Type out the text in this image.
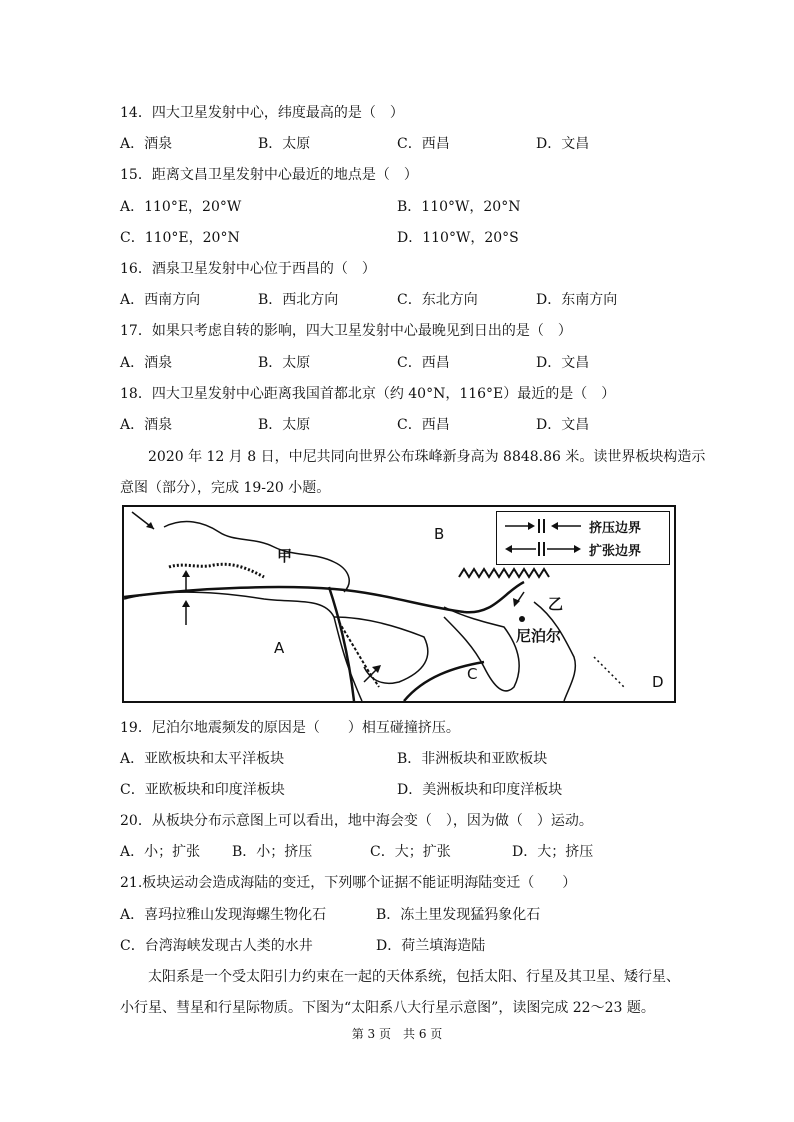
14．四大卫星发射中心，纬度最高的是（　）
A．酒泉	B．太原	C．西昌	D．文昌
15．距离文昌卫星发射中心最近的地点是（　）
A．110°E，20°W	B．110°W，20°N
C．110°E，20°N	D．110°W，20°S
16．酒泉卫星发射中心位于西昌的（　）
A．西南方向	B．西北方向	C．东北方向	D．东南方向
17．如果只考虑自转的影响，四大卫星发射中心最晚见到日出的是（　）
A．酒泉	B．太原	C．西昌	D．文昌
18．四大卫星发射中心距离我国首都北京（约 40°N，116°E）最近的是（　）
A．酒泉	B．太原	C．西昌	D．文昌
2020 年 12 月 8 日，中尼共同向世界公布珠峰新身高为 8848.86 米。读世界板块构造示
意图（部分），完成 19-20 小题。
B
A
C	D
甲
乙
尼泊尔
挤压边界
扩张边界
19．尼泊尔地震频发的原因是（　　）相互碰撞挤压。
A．亚欧板块和太平洋板块	B．非洲板块和亚欧板块
C．亚欧板块和印度洋板块	D．美洲板块和印度洋板块
20．从板块分布示意图上可以看出，地中海会变（　），因为做（　）运动。
A．小；扩张 B．小；挤压	C．大；扩张	D．大；挤压
21.板块运动会造成海陆的变迁，下列哪个证据不能证明海陆变迁（　　）
A．喜玛拉雅山发现海螺生物化石	B．冻土里发现猛犸象化石
C．台湾海峡发现古人类的水井	D．荷兰填海造陆
太阳系是一个受太阳引力约束在一起的天体系统，包括太阳、行星及其卫星、矮行星、
小行星、彗星和行星际物质。下图为“太阳系八大行星示意图”，读图完成 22～23 题。
第 3 页　共 6 页
